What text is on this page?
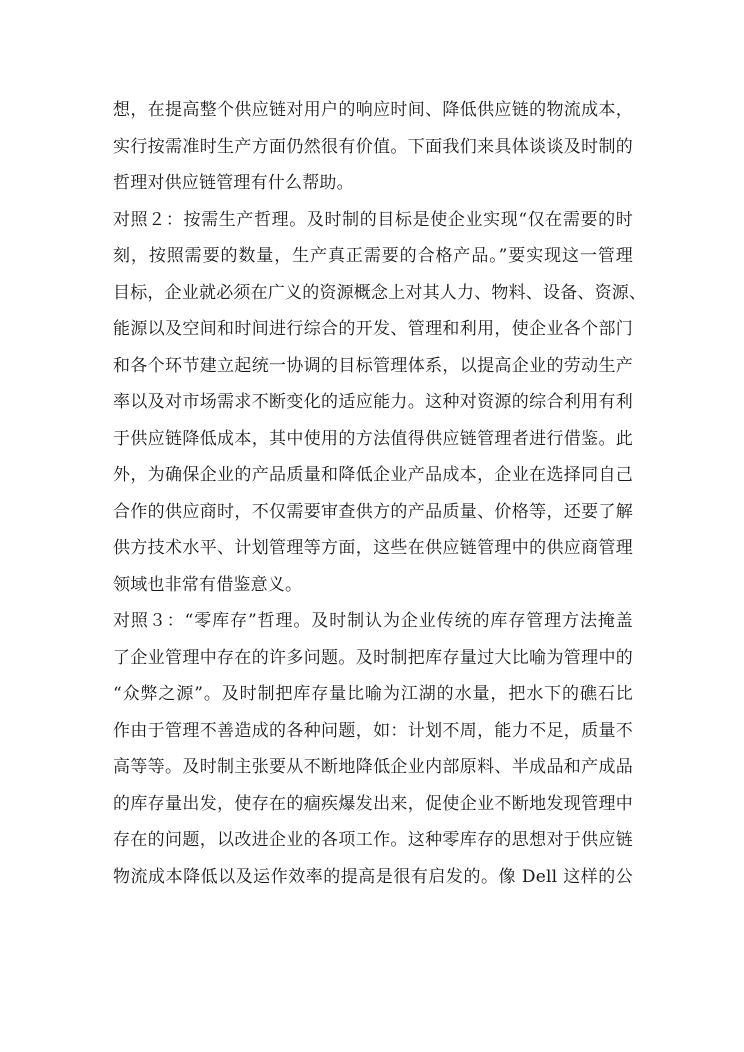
想，在提高整个供应链对用户的响应时间、降低供应链的物流成本，
实行按需准时生产方面仍然很有价值。下面我们来具体谈谈及时制的
哲理对供应链管理有什么帮助。
对照２：按需生产哲理。及时制的目标是使企业实现“仅在需要的时
刻，按照需要的数量，生产真正需要的合格产品。”要实现这一管理
目标，企业就必须在广义的资源概念上对其人力、物料、设备、资源、
能源以及空间和时间进行综合的开发、管理和利用，使企业各个部门
和各个环节建立起统一协调的目标管理体系，以提高企业的劳动生产
率以及对市场需求不断变化的适应能力。这种对资源的综合利用有利
于供应链降低成本，其中使用的方法值得供应链管理者进行借鉴。此
外，为确保企业的产品质量和降低企业产品成本，企业在选择同自己
合作的供应商时，不仅需要审查供方的产品质量、价格等，还要了解
供方技术水平、计划管理等方面，这些在供应链管理中的供应商管理
领域也非常有借鉴意义。
对照３：“零库存”哲理。及时制认为企业传统的库存管理方法掩盖
了企业管理中存在的许多问题。及时制把库存量过大比喻为管理中的
“众弊之源”。及时制把库存量比喻为江湖的水量，把水下的礁石比
作由于管理不善造成的各种问题，如：计划不周，能力不足，质量不
高等等。及时制主张要从不断地降低企业内部原料、半成品和产成品
的库存量出发，使存在的痼疾爆发出来，促使企业不断地发现管理中
存在的问题，以改进企业的各项工作。这种零库存的思想对于供应链
物流成本降低以及运作效率的提高是很有启发的。像 Dell 这样的公
